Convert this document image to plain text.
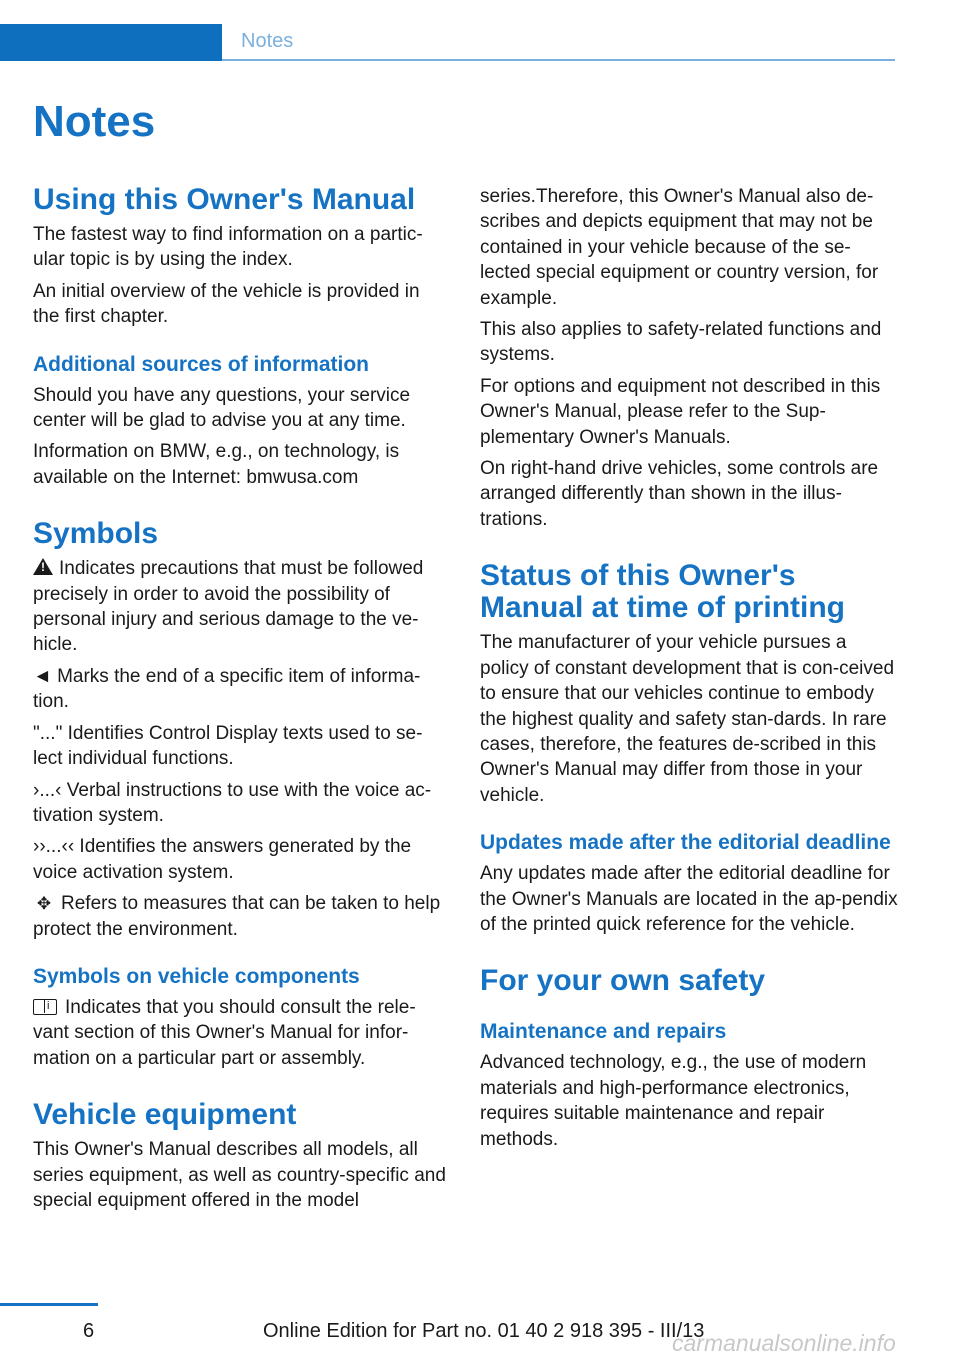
Notes
Notes
Using this Owner's Manual

The fastest way to find information on a partic-ular topic is by using the index.

An initial overview of the vehicle is provided in the first chapter.

Additional sources of information

Should you have any questions, your service center will be glad to advise you at any time.

Information on BMW, e.g., on technology, is available on the Internet: bmwusa.com

Symbols

!Indicates precautions that must be followed precisely in order to avoid the possibility of personal injury and serious damage to the ve-hicle.

◄ Marks the end of a specific item of informa-tion.

"..." Identifies Control Display texts used to se-lect individual functions.

›...‹ Verbal instructions to use with the voice ac-tivation system.

››...‹‹ Identifies the answers generated by the voice activation system.

✥ Refers to measures that can be taken to help protect the environment.

Symbols on vehicle components

iIndicates that you should consult the rele-vant section of this Owner's Manual for infor-mation on a particular part or assembly.

Vehicle equipment

This Owner's Manual describes all models, all series equipment, as well as country-specific and special equipment offered in the model

series.Therefore, this Owner's Manual also de-scribes and depicts equipment that may not be contained in your vehicle because of the se-lected special equipment or country version, for example.

This also applies to safety-related functions and systems.

For options and equipment not described in this Owner's Manual, please refer to the Sup-plementary Owner's Manuals.

On right-hand drive vehicles, some controls are arranged differently than shown in the illus-trations.

Status of this Owner's Manual at time of printing

The manufacturer of your vehicle pursues a policy of constant development that is con-ceived to ensure that our vehicles continue to embody the highest quality and safety stan-dards. In rare cases, therefore, the features de-scribed in this Owner's Manual may differ from those in your vehicle.

Updates made after the editorial deadline

Any updates made after the editorial deadline for the Owner's Manuals are located in the ap-pendix of the printed quick reference for the vehicle.

For your own safety
Maintenance and repairs

Advanced technology, e.g., the use of modern materials and high-performance electronics, requires suitable maintenance and repair methods.

6	Online Edition for Part no. 01 40 2 918 395 - III/13
carmanualsonline.info
